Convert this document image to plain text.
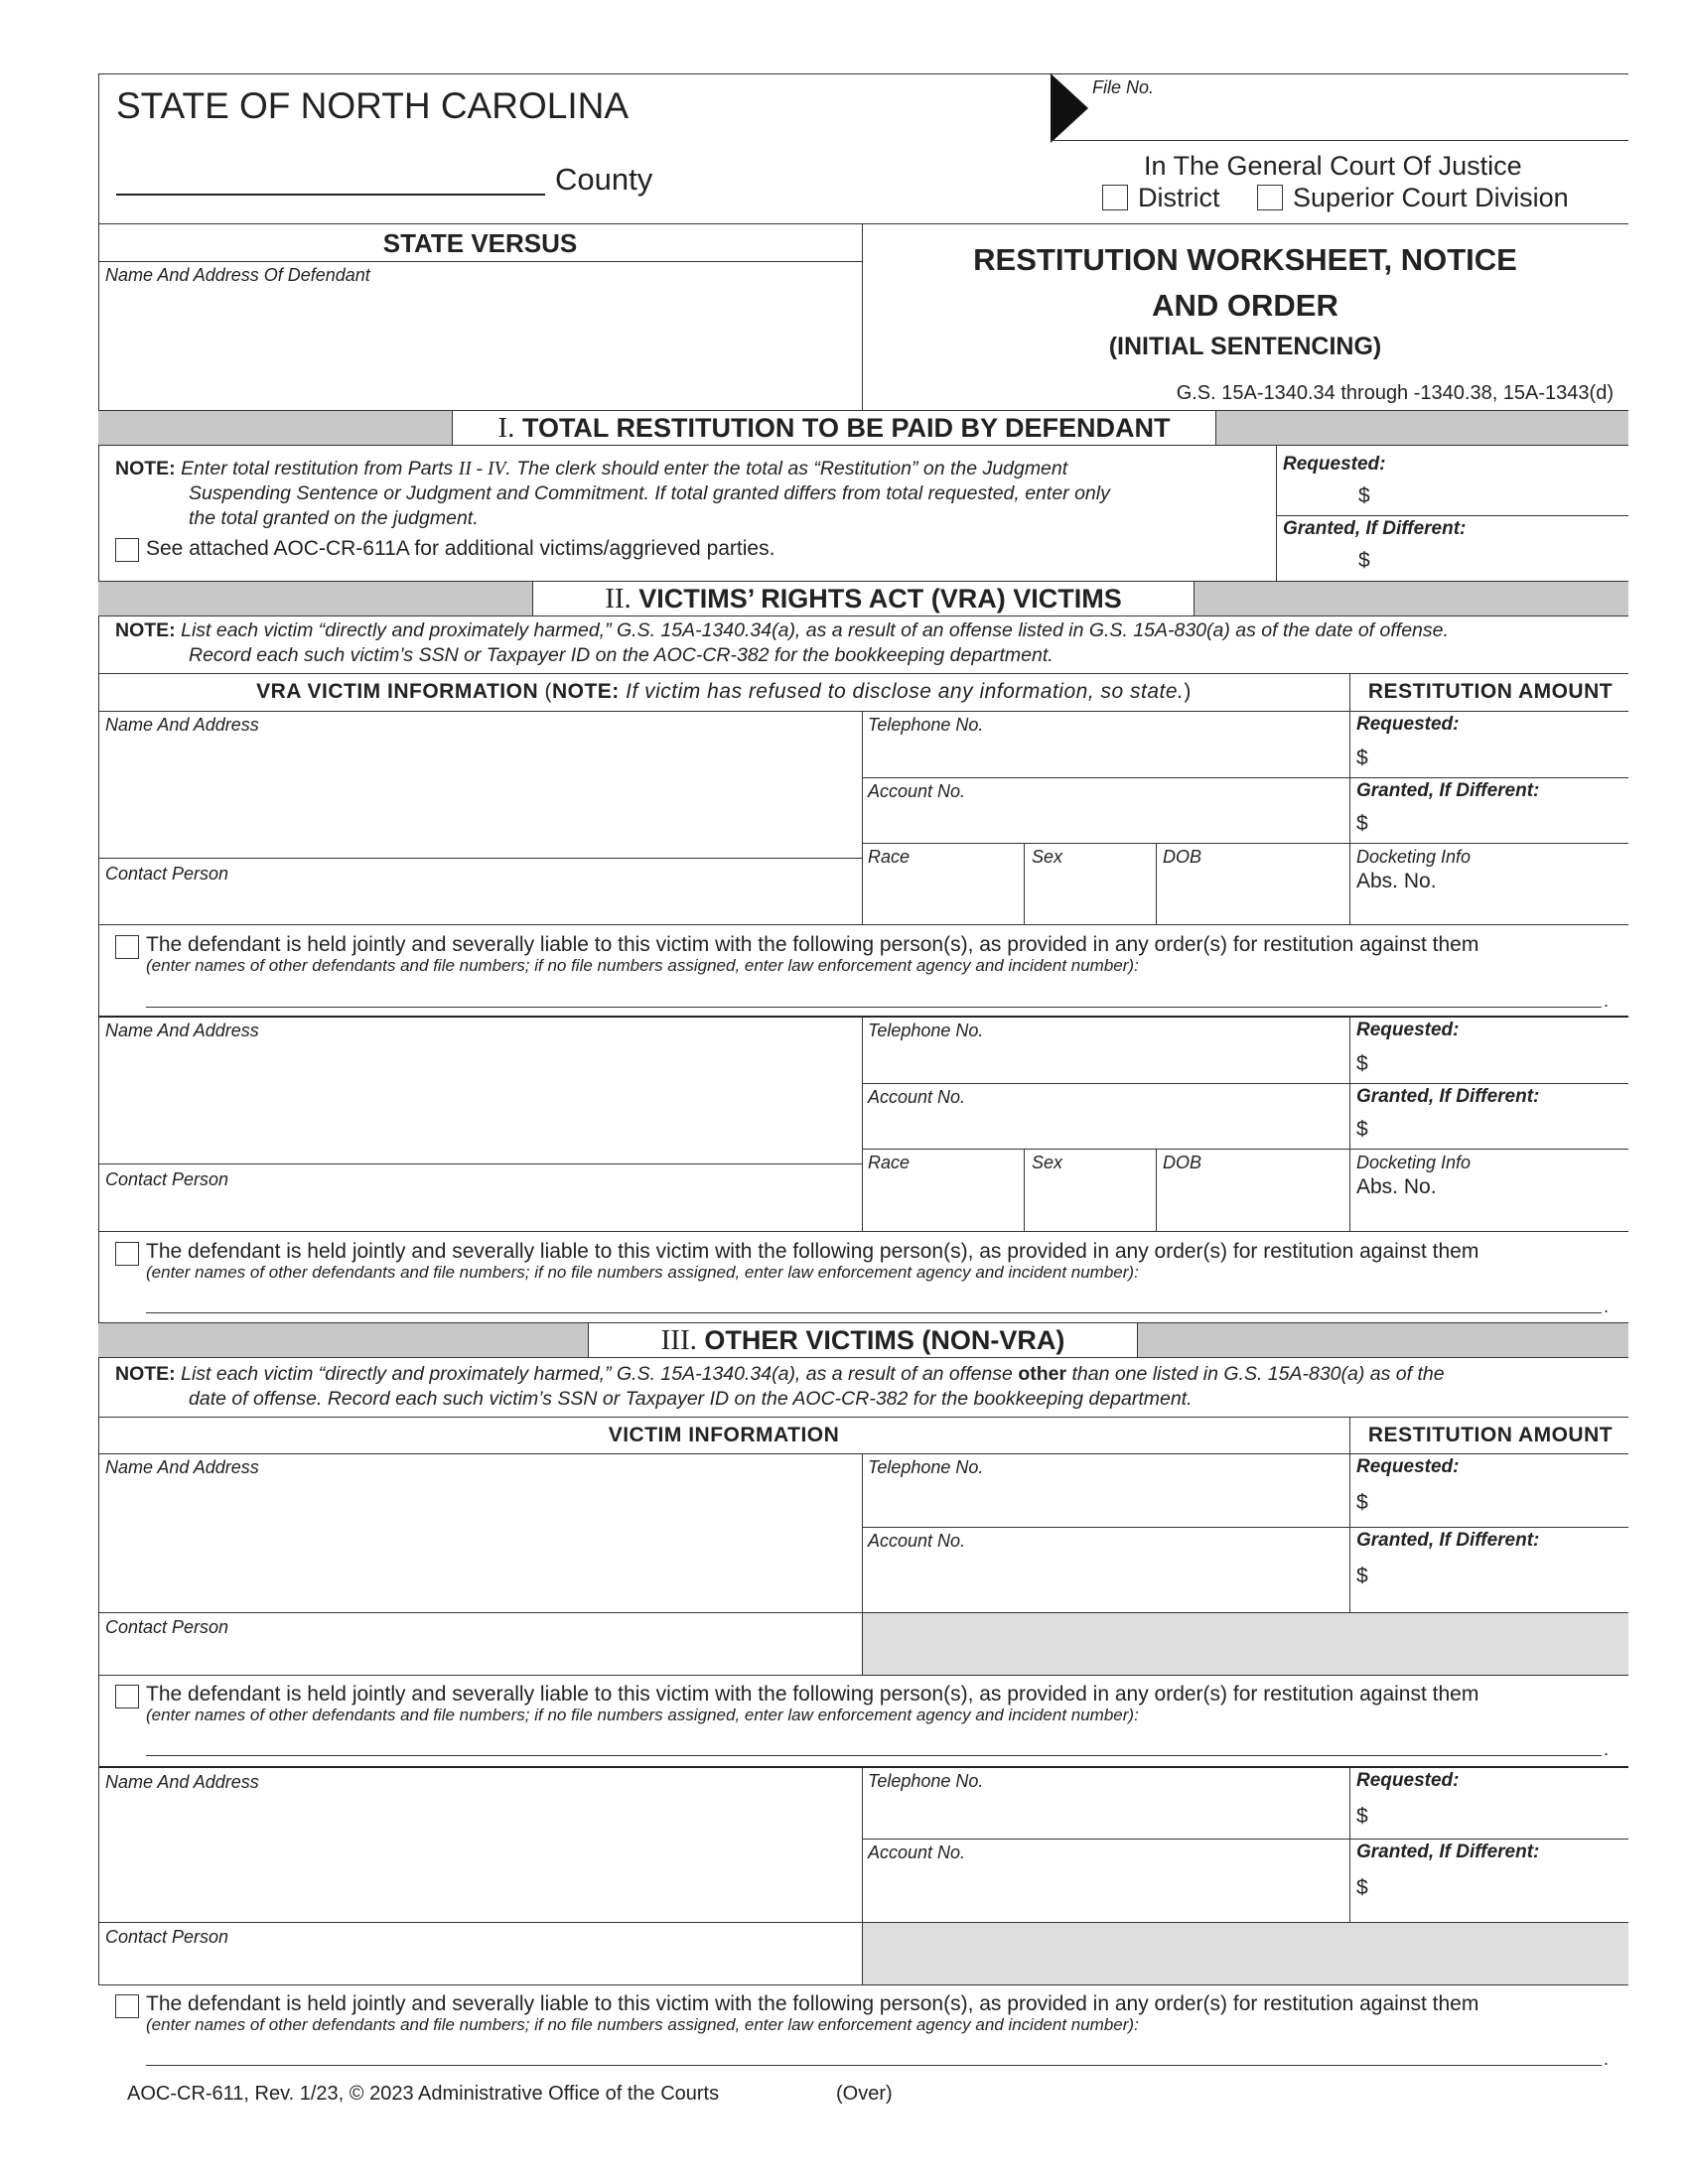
STATE OF NORTH CAROLINA
County
File No.
In The General Court Of Justice
District	Superior Court Division
STATE VERSUS
Name And Address Of Defendant	RESTITUTION WORKSHEET, NOTICE
AND ORDER
(INITIAL SENTENCING)
G.S. 15A-1340.34 through -1340.38, 15A-1343(d)
I. TOTAL RESTITUTION TO BE PAID BY DEFENDANT
NOTE: Enter total restitution from Parts II - IV. The clerk should enter the total as “Restitution” on the Judgment
Suspending Sentence or Judgment and Commitment. If total granted differs from total requested, enter only
the total granted on the judgment.
See attached AOC-CR-611A for additional victims/aggrieved parties.
Requested:
$
Granted, If Different:
$
II. VICTIMS’ RIGHTS ACT (VRA) VICTIMS
NOTE: List each victim “directly and proximately harmed,” G.S. 15A-1340.34(a), as a result of an offense listed in G.S. 15A-830(a) as of the date of offense.
Record each such victim’s SSN or Taxpayer ID on the AOC-CR-382 for the bookkeeping department.
VRA VICTIM INFORMATION (NOTE: If victim has refused to disclose any information, so state.)	RESTITUTION AMOUNT
Name And Address
Contact Person
Telephone No.
Account No.
Race	Sex	DOB
Requested:
$
Granted, If Different:
$
Docketing Info
Abs. No.
The defendant is held jointly and severally liable to this victim with the following person(s), as provided in any order(s) for restitution against them
(enter names of other defendants and file numbers; if no file numbers assigned, enter law enforcement agency and incident number):
.
Name And Address
Contact Person
Telephone No.
Account No.
Race	Sex	DOB
Requested:
$
Granted, If Different:
$
Docketing Info
Abs. No.
The defendant is held jointly and severally liable to this victim with the following person(s), as provided in any order(s) for restitution against them
(enter names of other defendants and file numbers; if no file numbers assigned, enter law enforcement agency and incident number):
.
III. OTHER VICTIMS (NON-VRA)
NOTE: List each victim “directly and proximately harmed,” G.S. 15A-1340.34(a), as a result of an offense other than one listed in G.S. 15A-830(a) as of the
date of offense. Record each such victim’s SSN or Taxpayer ID on the AOC-CR-382 for the bookkeeping department.
VICTIM INFORMATION	RESTITUTION AMOUNT
Name And Address	Telephone No.
Account No.
Requested:
$
Granted, If Different:
$
Contact Person
The defendant is held jointly and severally liable to this victim with the following person(s), as provided in any order(s) for restitution against them
(enter names of other defendants and file numbers; if no file numbers assigned, enter law enforcement agency and incident number):
.
Name And Address	Telephone No.
Account No.
Requested:
$
Granted, If Different:
$
Contact Person
The defendant is held jointly and severally liable to this victim with the following person(s), as provided in any order(s) for restitution against them
(enter names of other defendants and file numbers; if no file numbers assigned, enter law enforcement agency and incident number):
.
AOC-CR-611, Rev. 1/23, © 2023 Administrative Office of the Courts	(Over)
